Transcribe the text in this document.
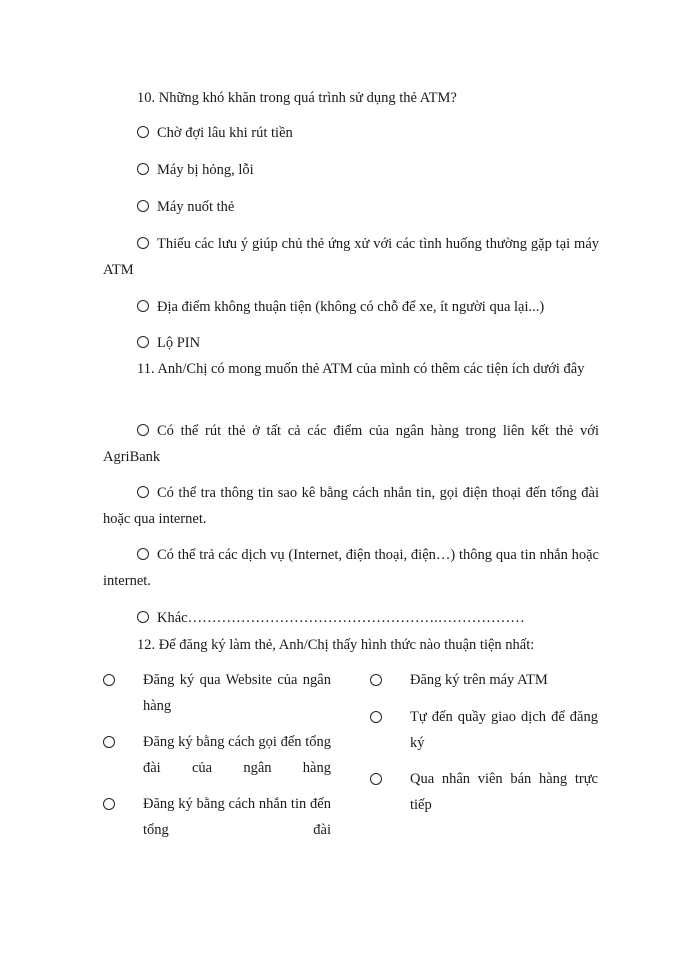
10. Những khó khăn trong quá trình sử dụng thẻ ATM?
Chờ đợi lâu khi rút tiền
Máy bị hỏng, lỗi
Máy nuốt thẻ
Thiếu các lưu ý giúp chủ thẻ ứng xử với các tình huống thường gặp tại máy ATM
Địa điểm không thuận tiện (không có chỗ để xe, ít người qua lại...)
Lộ PIN
11. Anh/Chị có mong muốn thẻ ATM của mình có thêm các tiện ích dưới đây
Có thể rút thẻ ở tất cả các điểm của ngân hàng trong liên kết thẻ với AgriBank
Có thể tra thông tin sao kê bằng cách nhắn tin, gọi điện thoại đến tổng đài hoặc qua internet.
Có thể trả các dịch vụ (Internet, điện thoại, điện…) thông qua tin nhắn hoặc internet.
Khác…………………………………………….………………
12. Để đăng ký làm thẻ, Anh/Chị thấy hình thức nào thuận tiện nhất:
Đăng ký qua Website của ngân hàng
Đăng ký bằng cách gọi đến tổng đài của ngân hàng
Đăng ký bằng cách nhắn tin đến tổng đài
Đăng ký trên máy ATM
Tự đến quầy giao dịch để đăng ký
Qua nhân viên bán hàng trực tiếp
